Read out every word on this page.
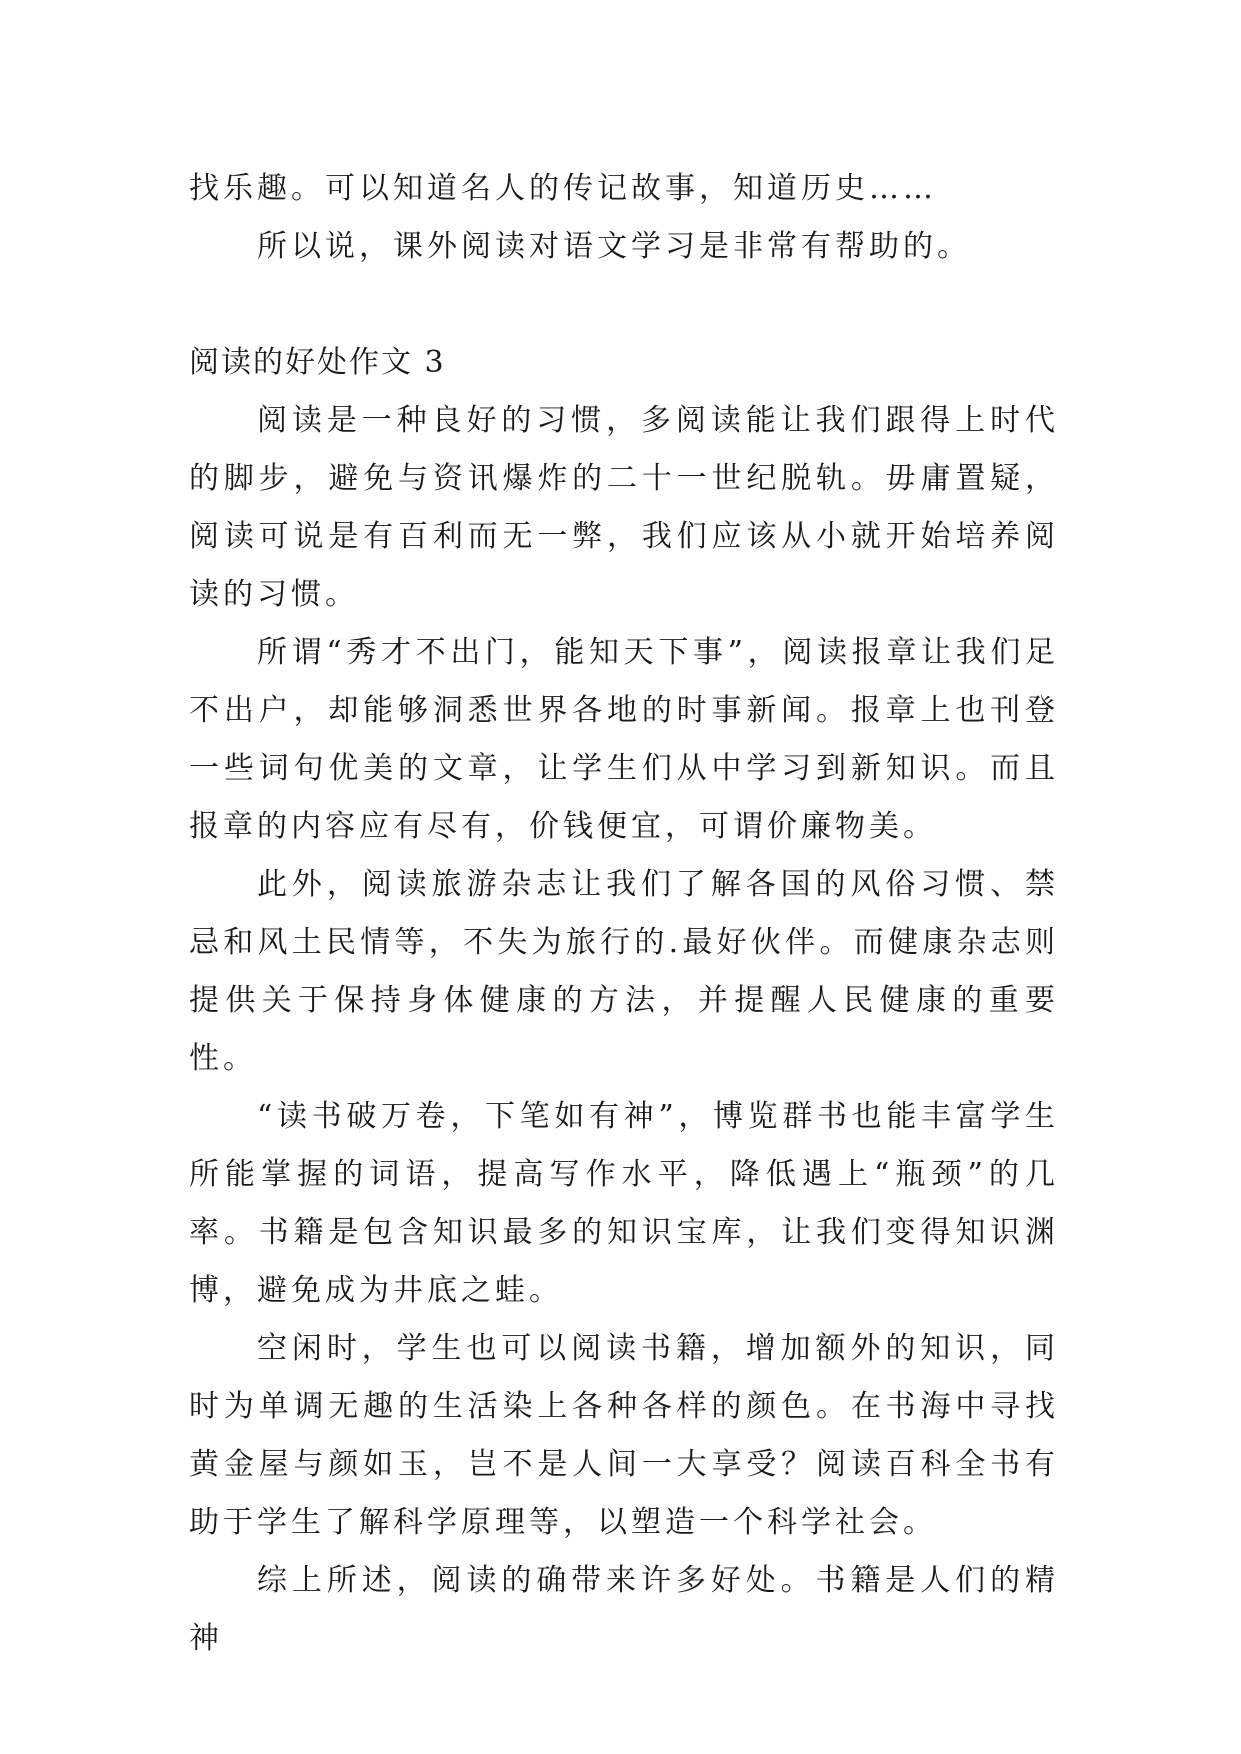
找乐趣。可以知道名人的传记故事，知道历史……

所以说，课外阅读对语文学习是非常有帮助的。

阅读的好处作文 3

阅读是一种良好的习惯，多阅读能让我们跟得上时代的脚步，避免与资讯爆炸的二十一世纪脱轨。毋庸置疑，阅读可说是有百利而无一弊，我们应该从小就开始培养阅读的习惯。

所谓“秀才不出门，能知天下事”，阅读报章让我们足不出户，却能够洞悉世界各地的时事新闻。报章上也刊登一些词句优美的文章，让学生们从中学习到新知识。而且报章的内容应有尽有，价钱便宜，可谓价廉物美。

此外，阅读旅游杂志让我们了解各国的风俗习惯、禁忌和风土民情等，不失为旅行的.最好伙伴。而健康杂志则提供关于保持身体健康的方法，并提醒人民健康的重要性。

“读书破万卷，下笔如有神”，博览群书也能丰富学生所能掌握的词语，提高写作水平，降低遇上“瓶颈”的几率。书籍是包含知识最多的知识宝库，让我们变得知识渊博，避免成为井底之蛙。

空闲时，学生也可以阅读书籍，增加额外的知识，同时为单调无趣的生活染上各种各样的颜色。在书海中寻找黄金屋与颜如玉，岂不是人间一大享受？阅读百科全书有助于学生了解科学原理等，以塑造一个科学社会。

综上所述，阅读的确带来许多好处。书籍是人们的精神
